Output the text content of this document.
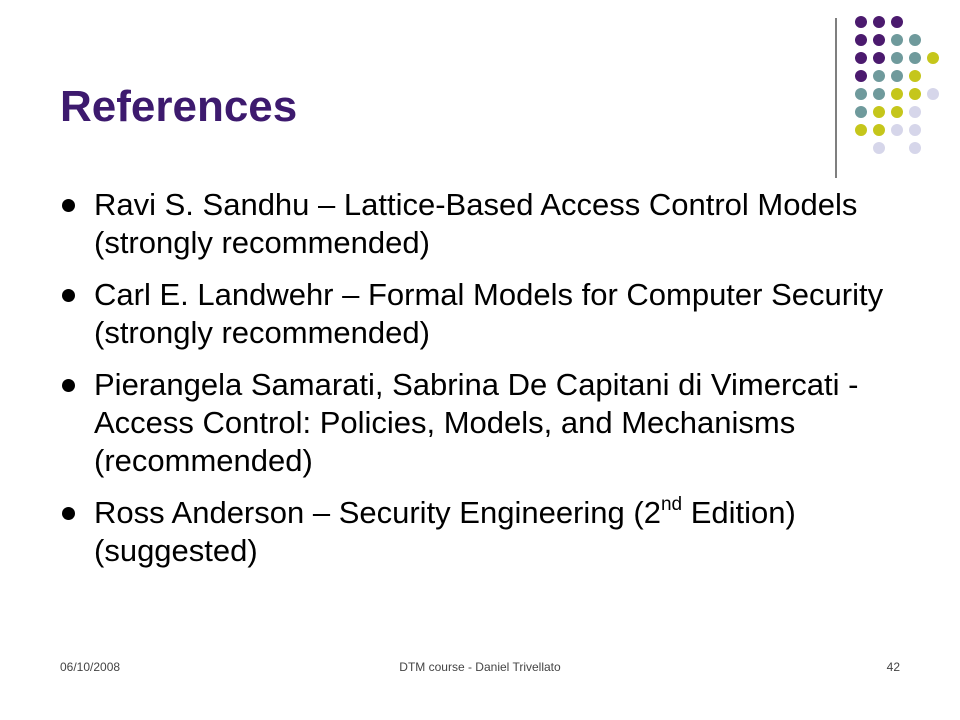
References
Ravi S. Sandhu – Lattice-Based Access Control Models (strongly recommended)
Carl E. Landwehr – Formal Models for Computer Security (strongly recommended)
Pierangela Samarati, Sabrina De Capitani di Vimercati - Access Control: Policies, Models, and Mechanisms (recommended)
Ross Anderson – Security Engineering (2nd Edition) (suggested)
06/10/2008	DTM course - Daniel Trivellato	42
